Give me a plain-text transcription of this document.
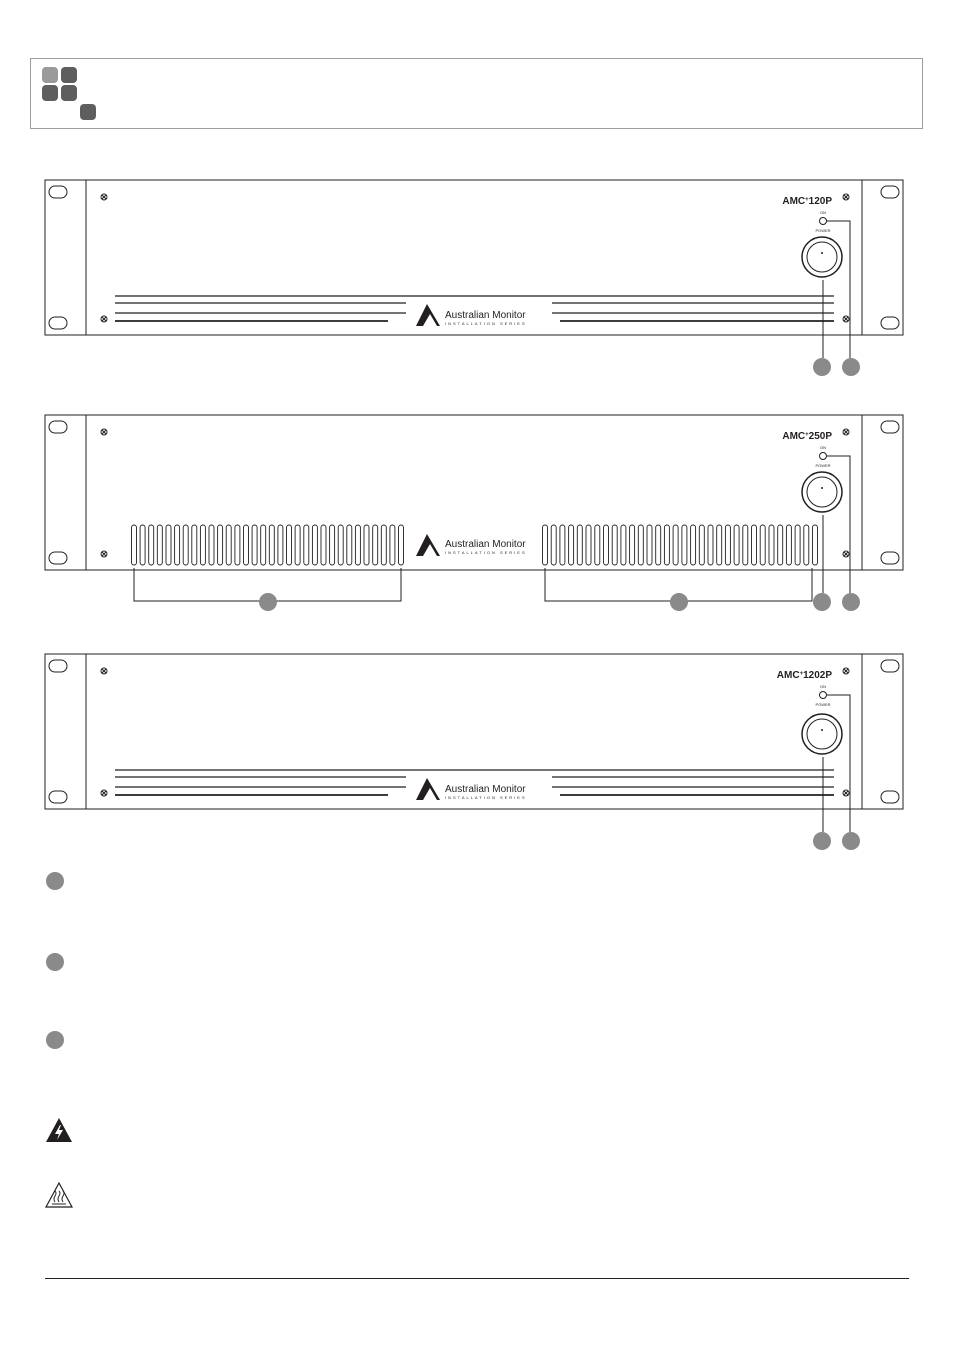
AMC+120P
ON
POWER
Australian Monitor
INSTALLATION SERIES
AMC+250P
ON
POWER
Australian Monitor
INSTALLATION SERIES
AMC+1202P
ON
POWER
Australian Monitor
INSTALLATION SERIES
